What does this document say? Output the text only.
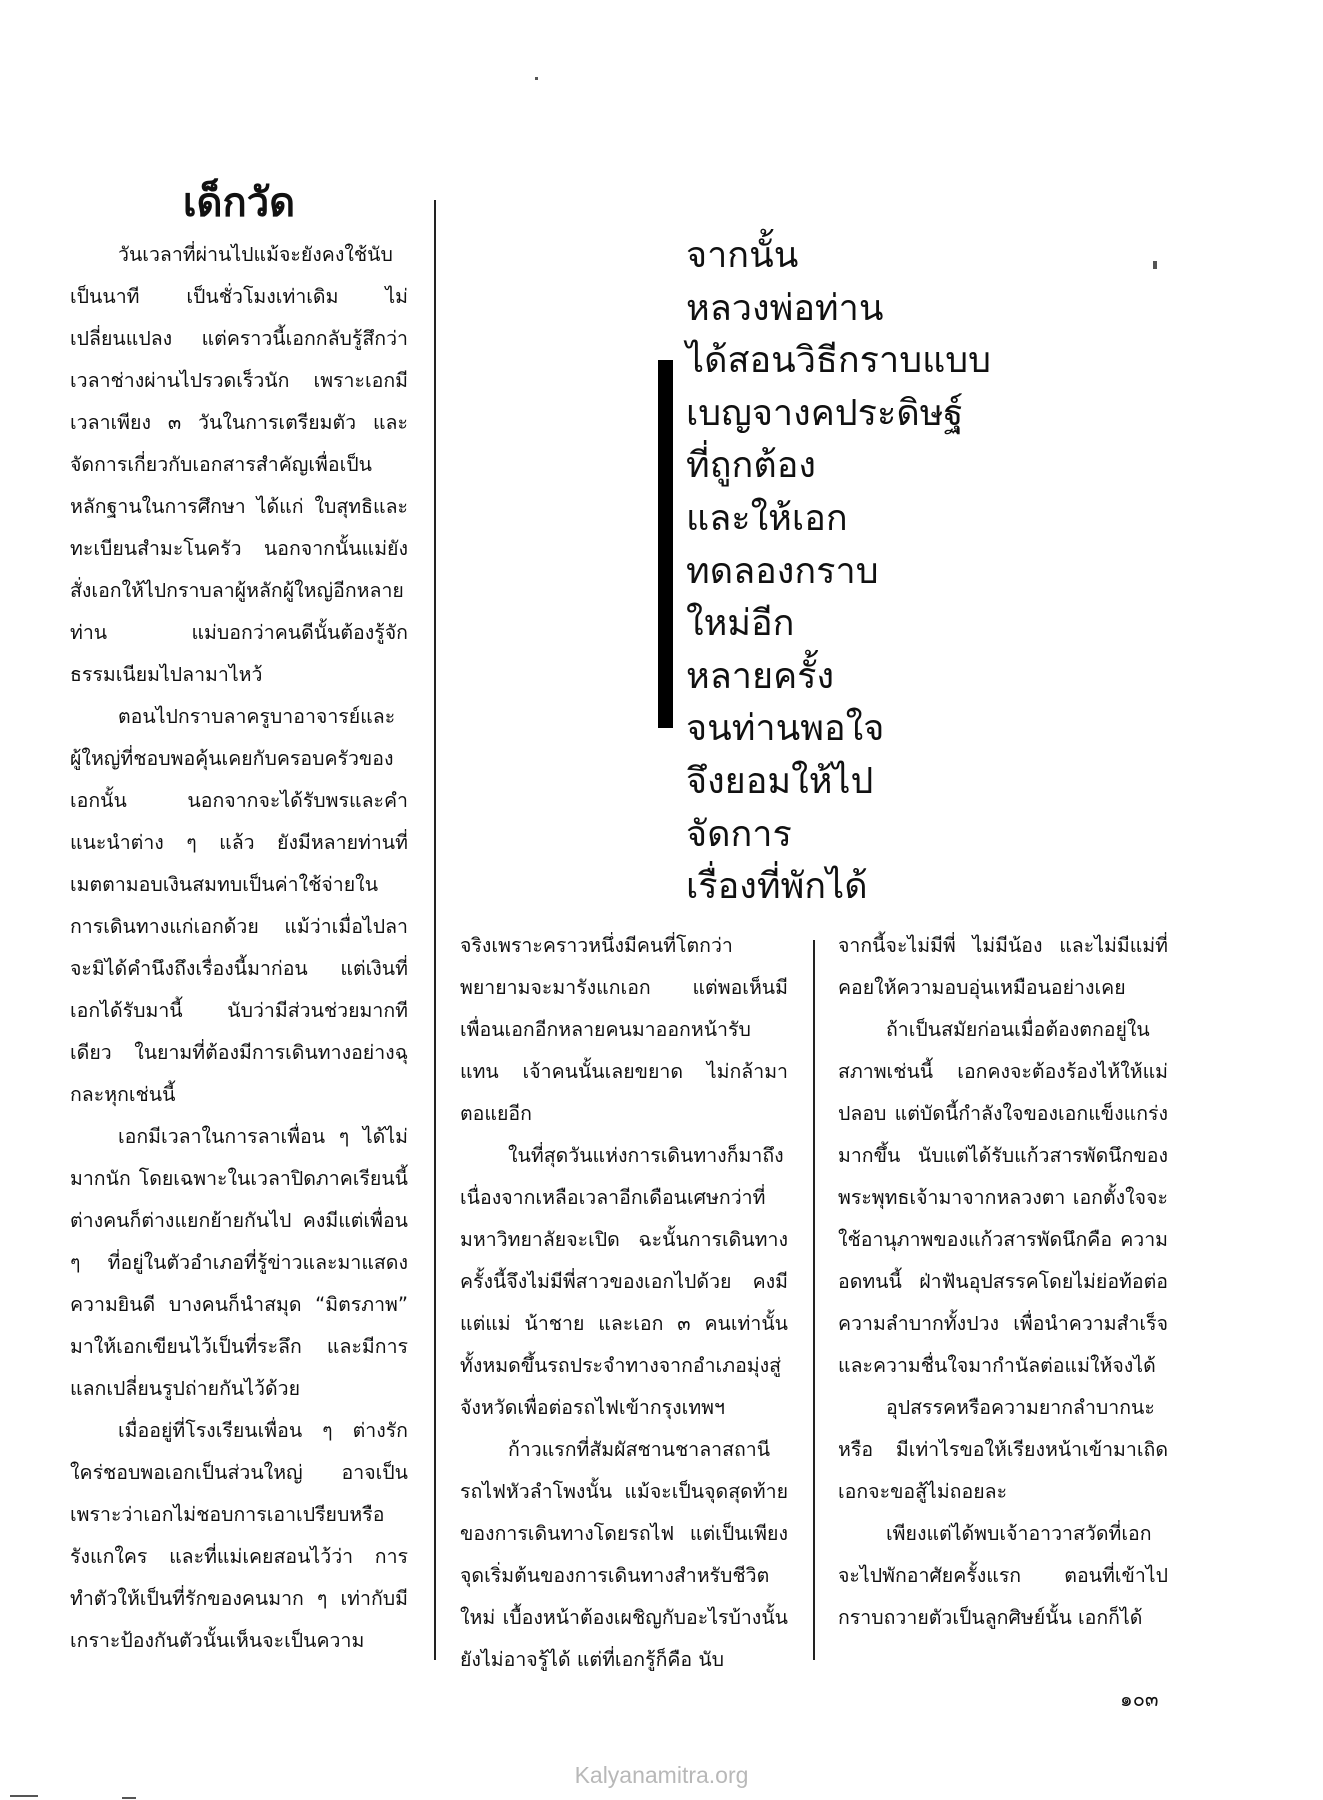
เด็กวัด

วันเวลาที่ผ่านไปแม้จะยังคงใช้นับเป็นนาที เป็นชั่วโมงเท่าเดิม ไม่เปลี่ยนแปลง แต่คราวนี้เอกกลับรู้สึกว่าเวลาช่างผ่านไปรวดเร็วนัก เพราะเอกมีเวลาเพียง ๓ วันในการเตรียมตัว และจัดการเกี่ยวกับเอกสารสำคัญเพื่อเป็นหลักฐานในการศึกษา ได้แก่ ใบสุทธิและทะเบียนสำมะโนครัว นอกจากนั้นแม่ยังสั่งเอกให้ไปกราบลาผู้หลักผู้ใหญ่อีกหลายท่าน แม่บอกว่าคนดีนั้นต้องรู้จักธรรมเนียมไปลามาไหว้

ตอนไปกราบลาครูบาอาจารย์และผู้ใหญ่ที่ชอบพอคุ้นเคยกับครอบครัวของเอกนั้น นอกจากจะได้รับพรและคำแนะนำต่าง ๆ แล้ว ยังมีหลายท่านที่เมตตามอบเงินสมทบเป็นค่าใช้จ่ายในการเดินทางแก่เอกด้วย แม้ว่าเมื่อไปลาจะมิได้คำนึงถึงเรื่องนี้มาก่อน แต่เงินที่เอกได้รับมานี้ นับว่ามีส่วนช่วยมากทีเดียว ในยามที่ต้องมีการเดินทางอย่างฉุกละหุกเช่นนี้

เอกมีเวลาในการลาเพื่อน ๆ ได้ไม่มากนัก โดยเฉพาะในเวลาปิดภาคเรียนนี้ ต่างคนก็ต่างแยกย้ายกันไป คงมีแต่เพื่อน ๆ ที่อยู่ในตัวอำเภอที่รู้ข่าวและมาแสดงความยินดี บางคนก็นำสมุด “มิตรภาพ” มาให้เอกเขียนไว้เป็นที่ระลึก และมีการแลกเปลี่ยนรูปถ่ายกันไว้ด้วย

เมื่ออยู่ที่โรงเรียนเพื่อน ๆ ต่างรักใคร่ชอบพอเอกเป็นส่วนใหญ่ อาจเป็นเพราะว่าเอกไม่ชอบการเอาเปรียบหรือรังแกใคร และที่แม่เคยสอนไว้ว่า การทำตัวให้เป็นที่รักของคนมาก ๆ เท่ากับมีเกราะป้องกันตัวนั้นเห็นจะเป็นความ

จากนั้น
หลวงพ่อท่าน
ได้สอนวิธีกราบแบบ
เบญจางคประดิษฐ์
ที่ถูกต้อง
และให้เอก
ทดลองกราบ
ใหม่อีก
หลายครั้ง
จนท่านพอใจ
จึงยอมให้ไป
จัดการ
เรื่องที่พักได้

จริงเพราะคราวหนึ่งมีคนที่โตกว่าพยายามจะมารังแกเอก แต่พอเห็นมีเพื่อนเอกอีกหลายคนมาออกหน้ารับแทน เจ้าคนนั้นเลยขยาด ไม่กล้ามาตอแยอีก

ในที่สุดวันแห่งการเดินทางก็มาถึง เนื่องจากเหลือเวลาอีกเดือนเศษกว่าที่มหาวิทยาลัยจะเปิด ฉะนั้นการเดินทางครั้งนี้จึงไม่มีพี่สาวของเอกไปด้วย คงมีแต่แม่ น้าชาย และเอก ๓ คนเท่านั้น ทั้งหมดขึ้นรถประจำทางจากอำเภอมุ่งสู่จังหวัดเพื่อต่อรถไฟเข้ากรุงเทพฯ

ก้าวแรกที่สัมผัสชานชาลาสถานีรถไฟหัวลำโพงนั้น แม้จะเป็นจุดสุดท้ายของการเดินทางโดยรถไฟ แต่เป็นเพียงจุดเริ่มต้นของการเดินทางสำหรับชีวิตใหม่ เบื้องหน้าต้องเผชิญกับอะไรบ้างนั้นยังไม่อาจรู้ได้ แต่ที่เอกรู้ก็คือ นับ

จากนี้จะไม่มีพี่ ไม่มีน้อง และไม่มีแม่ที่คอยให้ความอบอุ่นเหมือนอย่างเคย

ถ้าเป็นสมัยก่อนเมื่อต้องตกอยู่ในสภาพเช่นนี้ เอกคงจะต้องร้องไห้ให้แม่ปลอบ แต่บัดนี้กำลังใจของเอกแข็งแกร่งมากขึ้น นับแต่ได้รับแก้วสารพัดนึกของพระพุทธเจ้ามาจากหลวงตา เอกตั้งใจจะใช้อานุภาพของแก้วสารพัดนึกคือ ความอดทนนี้ ฝ่าฟันอุปสรรคโดยไม่ย่อท้อต่อความลำบากทั้งปวง เพื่อนำความสำเร็จและความชื่นใจมากำนัลต่อแม่ให้จงได้

อุปสรรคหรือความยากลำบากนะหรือ มีเท่าไรขอให้เรียงหน้าเข้ามาเถิด เอกจะขอสู้ไม่ถอยละ

เพียงแต่ได้พบเจ้าอาวาสวัดที่เอกจะไปพักอาศัยครั้งแรก ตอนที่เข้าไปกราบถวายตัวเป็นลูกศิษย์นั้น เอกก็ได้

๑๐๓
Kalyanamitra.org
